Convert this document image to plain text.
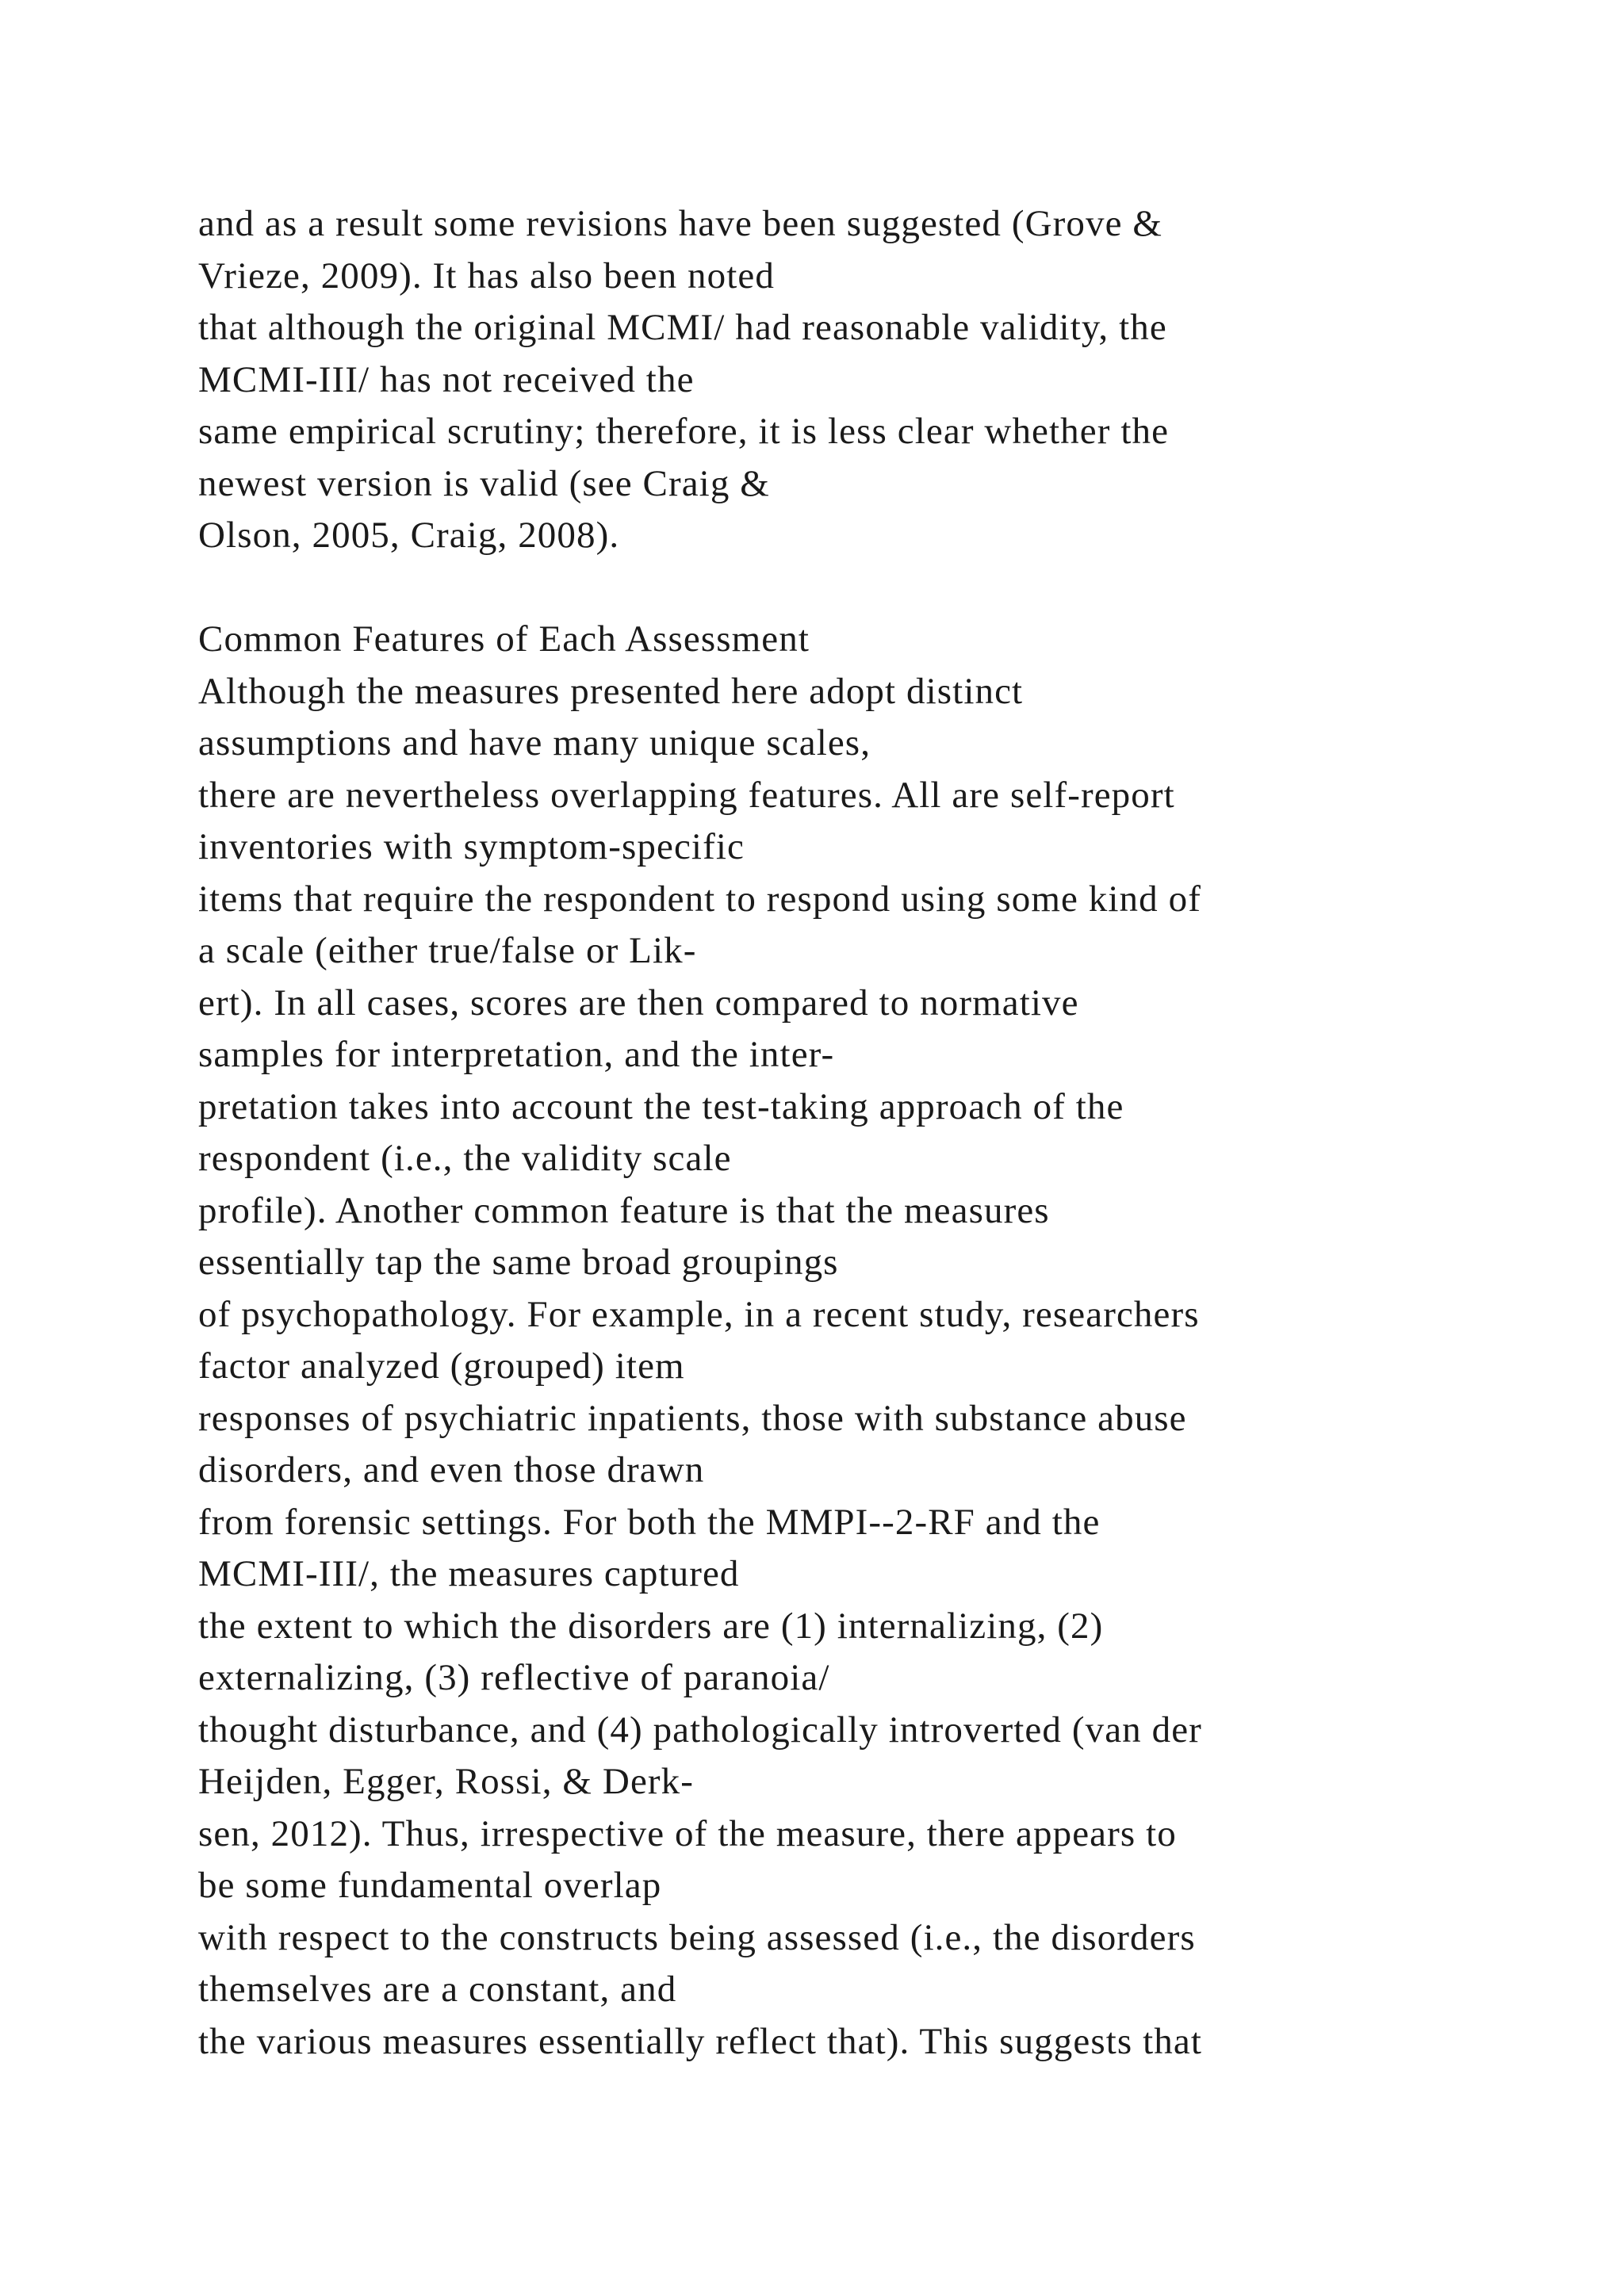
and as a result some revisions have been suggested (Grove &
Vrieze, 2009). It has also been noted
that although the original MCMI/ had reasonable validity, the
MCMI-III/ has not received the
same empirical scrutiny; therefore, it is less clear whether the
newest version is valid (see Craig &
Olson, 2005, Craig, 2008).
Common Features of Each Assessment
Although the measures presented here adopt distinct
assumptions and have many unique scales,
there are nevertheless overlapping features. All are self-report
inventories with symptom-specific
items that require the respondent to respond using some kind of
a scale (either true/false or Lik-
ert). In all cases, scores are then compared to normative
samples for interpretation, and the inter-
pretation takes into account the test-taking approach of the
respondent (i.e., the validity scale
profile). Another common feature is that the measures
essentially tap the same broad groupings
of psychopathology. For example, in a recent study, researchers
factor analyzed (grouped) item
responses of psychiatric inpatients, those with substance abuse
disorders, and even those drawn
from forensic settings. For both the MMPI--2-RF and the
MCMI-III/, the measures captured
the extent to which the disorders are (1) internalizing, (2)
externalizing, (3) reflective of paranoia/
thought disturbance, and (4) pathologically introverted (van der
Heijden, Egger, Rossi, & Derk-
sen, 2012). Thus, irrespective of the measure, there appears to
be some fundamental overlap
with respect to the constructs being assessed (i.e., the disorders
themselves are a constant, and
the various measures essentially reflect that). This suggests that
